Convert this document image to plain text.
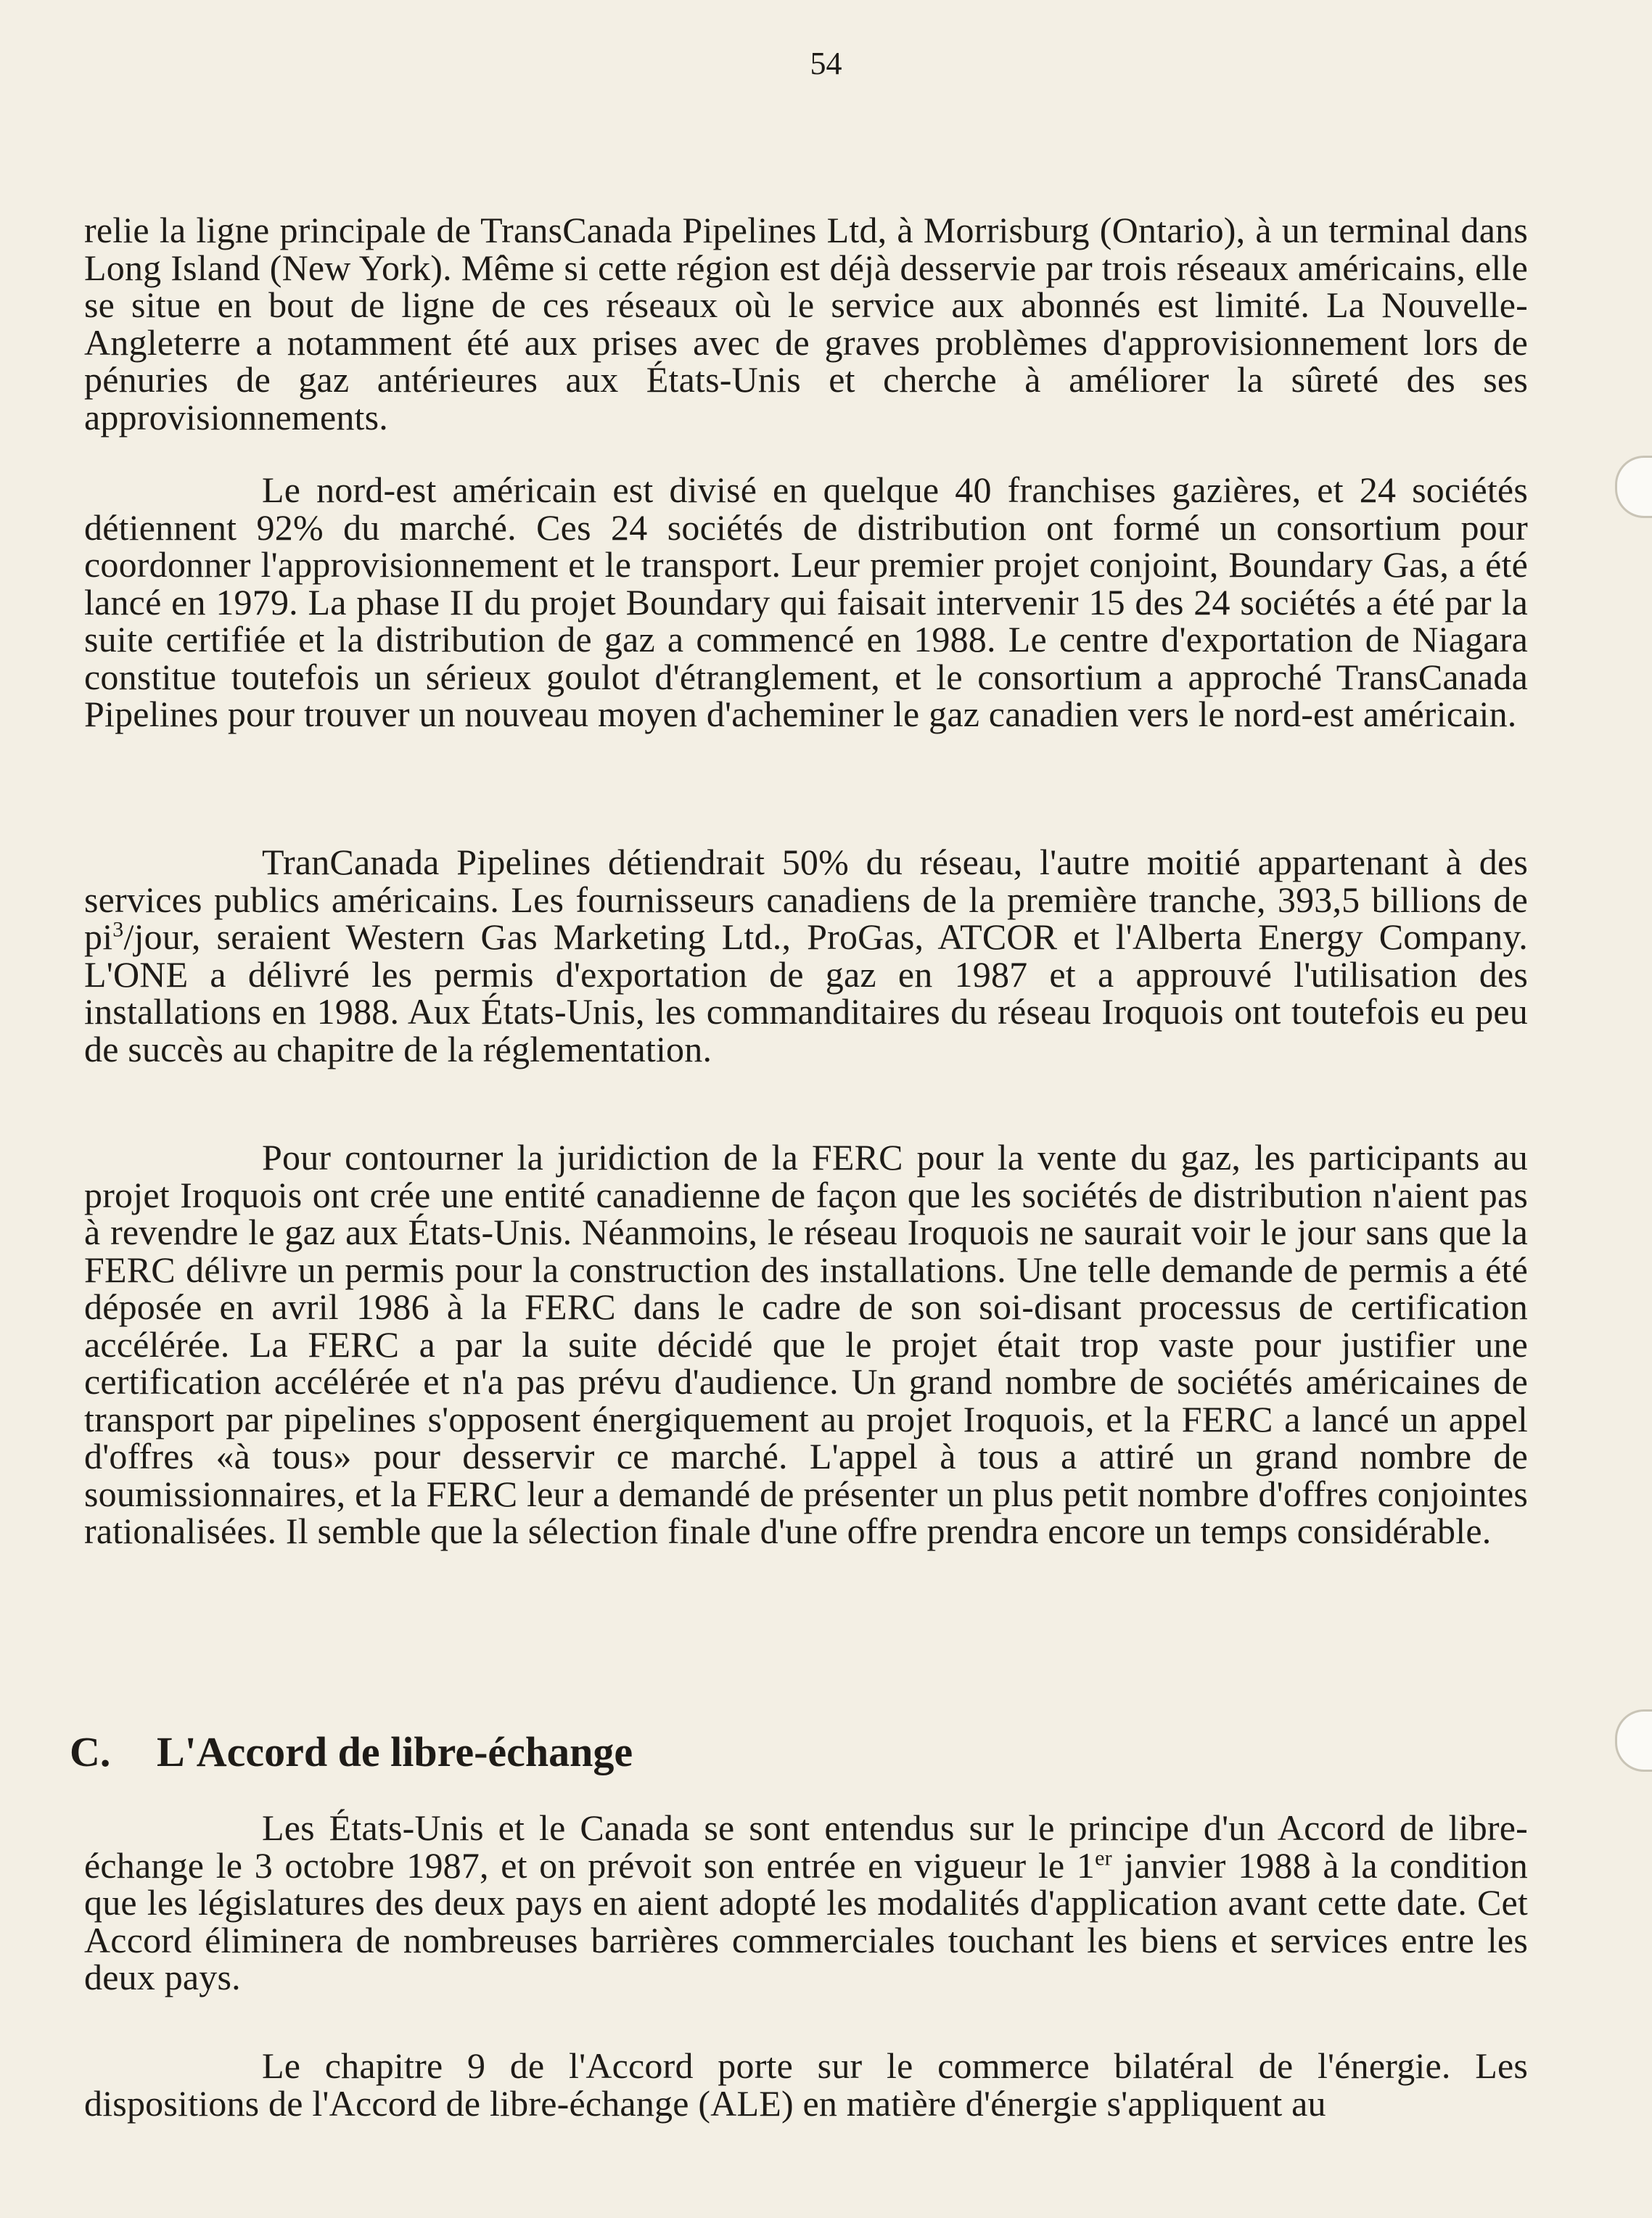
54

relie la ligne principale de TransCanada Pipelines Ltd, à Morrisburg (Ontario), à un terminal dans Long Island (New York). Même si cette région est déjà desservie par trois réseaux américains, elle se situe en bout de ligne de ces réseaux où le service aux abonnés est limité. La Nouvelle-Angleterre a notamment été aux prises avec de graves problèmes d'approvisionnement lors de pénuries de gaz antérieures aux États-Unis et cherche à améliorer la sûreté des ses approvisionnements.

Le nord-est américain est divisé en quelque 40 franchises gazières, et 24 sociétés détiennent 92% du marché. Ces 24 sociétés de distribution ont formé un consortium pour coordonner l'approvisionnement et le transport. Leur premier projet conjoint, Boundary Gas, a été lancé en 1979. La phase II du projet Boundary qui faisait intervenir 15 des 24 sociétés a été par la suite certifiée et la distribution de gaz a commencé en 1988. Le centre d'exportation de Niagara constitue toutefois un sérieux goulot d'étranglement, et le consortium a approché TransCanada Pipelines pour trouver un nouveau moyen d'acheminer le gaz canadien vers le nord-est américain.

TranCanada Pipelines détiendrait 50% du réseau, l'autre moitié appartenant à des services publics américains. Les fournisseurs canadiens de la première tranche, 393,5 billions de $pi^3$/jour, seraient Western Gas Marketing Ltd., ProGas, ATCOR et l'Alberta Energy Company. L'ONE a délivré les permis d'exportation de gaz en 1987 et a approuvé l'utilisation des installations en 1988. Aux États-Unis, les commanditaires du réseau Iroquois ont toutefois eu peu de succès au chapitre de la réglementation.

Pour contourner la juridiction de la FERC pour la vente du gaz, les participants au projet Iroquois ont crée une entité canadienne de façon que les sociétés de distribution n'aient pas à revendre le gaz aux États-Unis. Néanmoins, le réseau Iroquois ne saurait voir le jour sans que la FERC délivre un permis pour la construction des installations. Une telle demande de permis a été déposée en avril 1986 à la FERC dans le cadre de son soi-disant processus de certification accélérée. La FERC a par la suite décidé que le projet était trop vaste pour justifier une certification accélérée et n'a pas prévu d'audience. Un grand nombre de sociétés américaines de transport par pipelines s'opposent énergiquement au projet Iroquois, et la FERC a lancé un appel d'offres «à tous» pour desservir ce marché. L'appel à tous a attiré un grand nombre de soumissionnaires, et la FERC leur a demandé de présenter un plus petit nombre d'offres conjointes rationalisées. Il semble que la sélection finale d'une offre prendra encore un temps considérable.

C. L'Accord de libre-échange

Les États-Unis et le Canada se sont entendus sur le principe d'un Accord de libre-échange le 3 octobre 1987, et on prévoit son entrée en vigueur le 1er janvier 1988 à la condition que les législatures des deux pays en aient adopté les modalités d'application avant cette date. Cet Accord éliminera de nombreuses barrières commerciales touchant les biens et services entre les deux pays.

Le chapitre 9 de l'Accord porte sur le commerce bilatéral de l'énergie. Les dispositions de l'Accord de libre-échange (ALE) en matière d'énergie s'appliquent au
